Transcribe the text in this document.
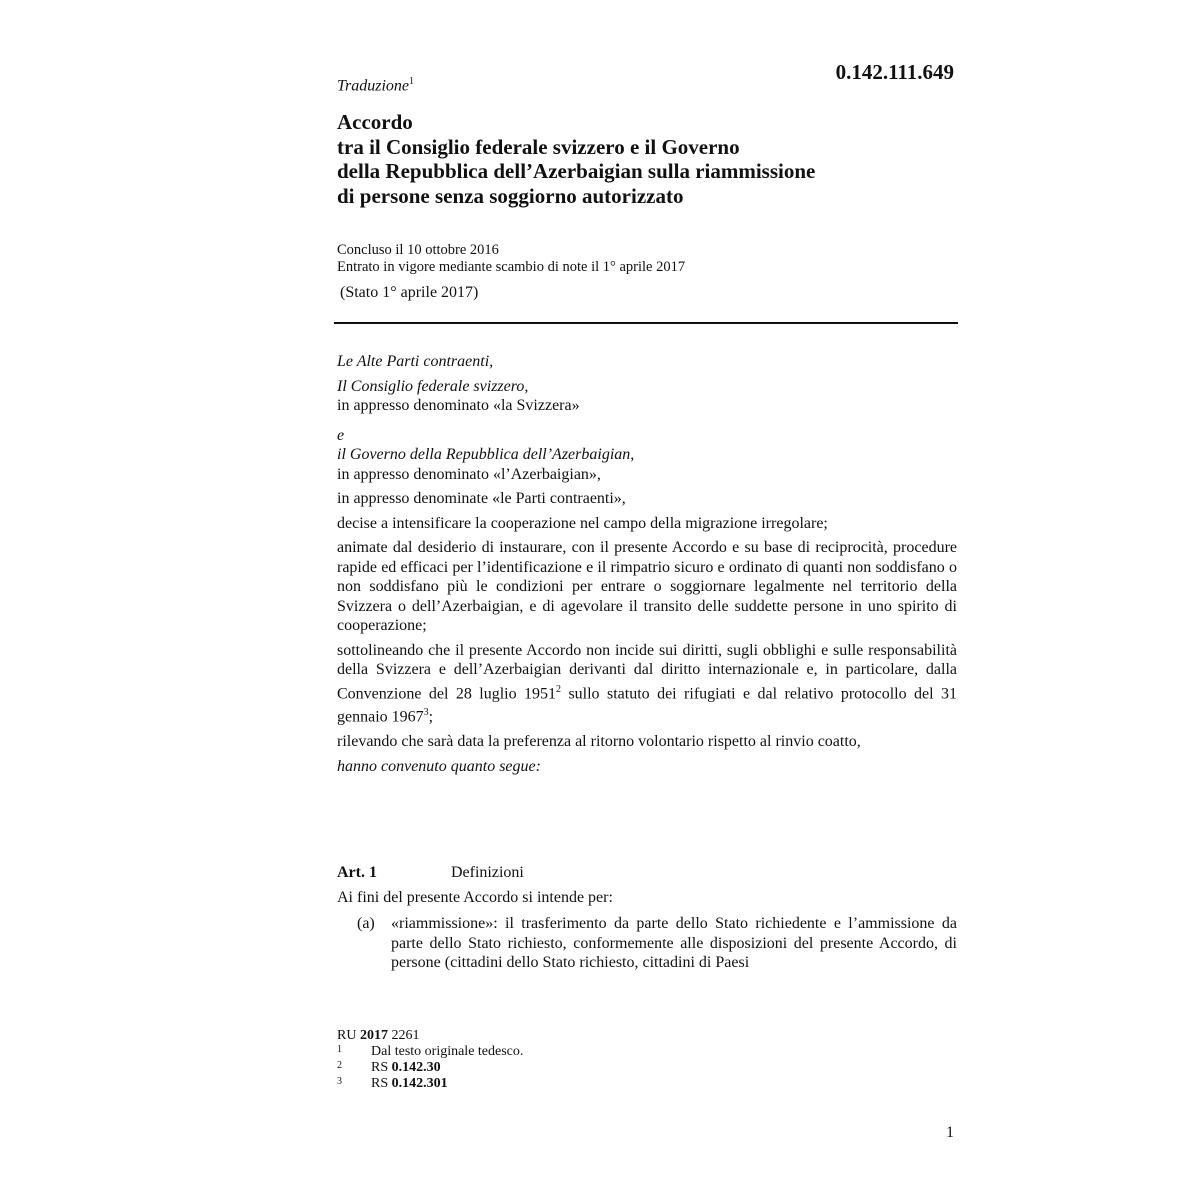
0.142.111.649
Traduzione$^1$
Accordo
tra il Consiglio federale svizzero e il Governo
della Repubblica dell’Azerbaigian sulla riammissione
di persone senza soggiorno autorizzato
Concluso il 10 ottobre 2016
Entrato in vigore mediante scambio di note il 1° aprile 2017
(Stato 1° aprile 2017)

Le Alte Parti contraenti,

Il Consiglio federale svizzero,
in appresso denominato «la Svizzera»

e
il Governo della Repubblica dell’Azerbaigian,
in appresso denominato «l’Azerbaigian»,

in appresso denominate «le Parti contraenti»,

decise a intensificare la cooperazione nel campo della migrazione irregolare;

animate dal desiderio di instaurare, con il presente Accordo e su base di reciprocità, procedure rapide ed efficaci per l’identificazione e il rimpatrio sicuro e ordinato di quanti non soddisfano o non soddisfano più le condizioni per entrare o soggiornare legalmente nel territorio della Svizzera o dell’Azerbaigian, e di agevolare il transito delle suddette persone in uno spirito di cooperazione;

sottolineando che il presente Accordo non incide sui diritti, sugli obblighi e sulle responsabilità della Svizzera e dell’Azerbaigian derivanti dal diritto internazionale e, in particolare, dalla Convenzione del 28 luglio 1951$^2$ sullo statuto dei rifugiati e dal relativo protocollo del 31 gennaio 1967$^3$;

rilevando che sarà data la preferenza al ritorno volontario rispetto al rinvio coatto,

hanno convenuto quanto segue:

Art. 1	Definizioni

Ai fini del presente Accordo si intende per:

(a)	«riammissione»: il trasferimento da parte dello Stato richiedente e l’ammissione da parte dello Stato richiesto, conformemente alle disposizioni del presente Accordo, di persone (cittadini dello Stato richiesto, cittadini di Paesi
RU 2017 2261
1	Dal testo originale tedesco.
2	RS 0.142.30
3	RS 0.142.301
1
